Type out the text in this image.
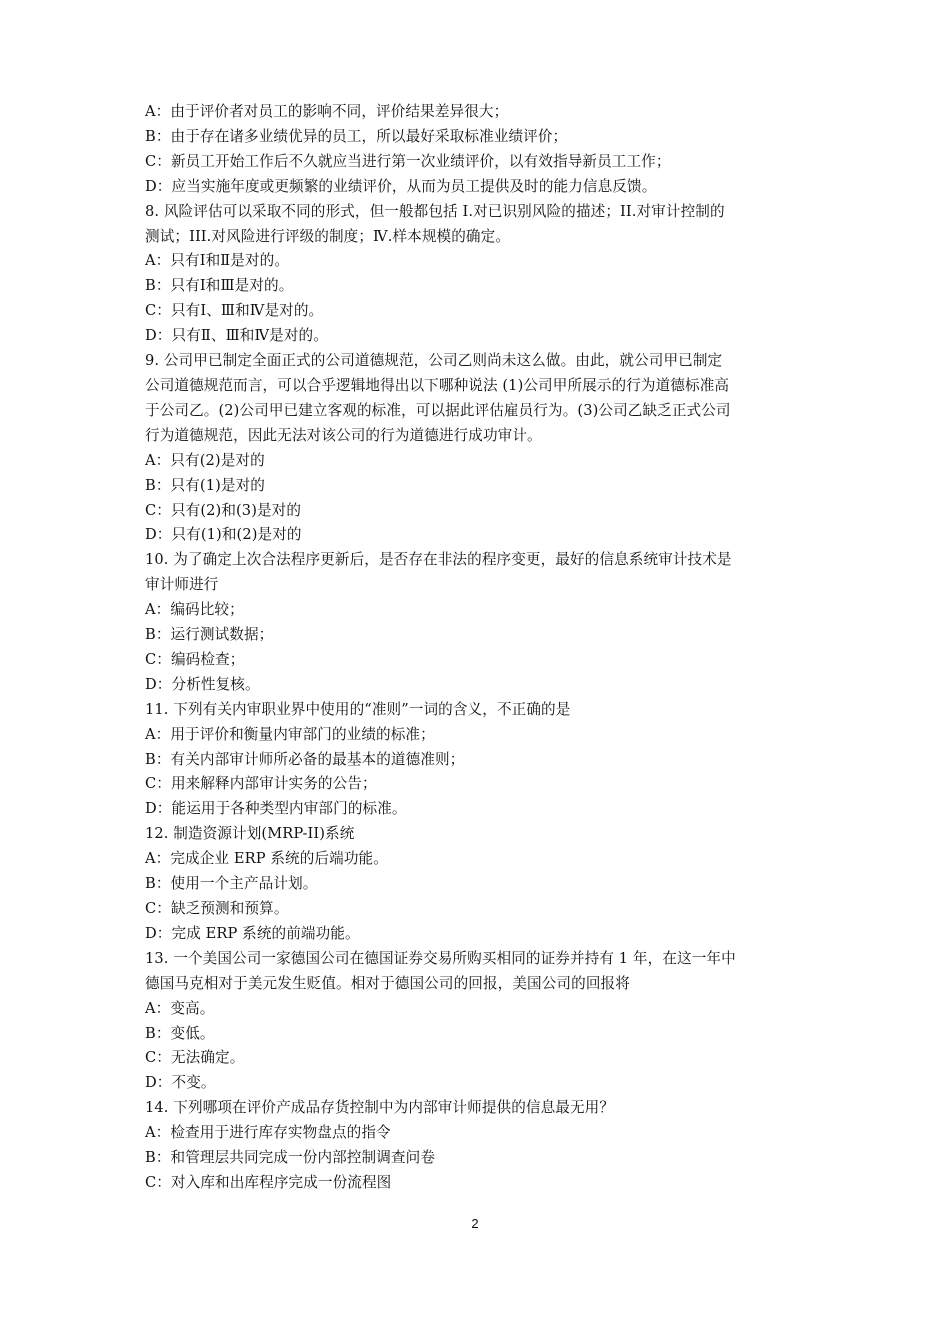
A：由于评价者对员工的影响不同，评价结果差异很大；

B：由于存在诸多业绩优异的员工，所以最好采取标准业绩评价；

C：新员工开始工作后不久就应当进行第一次业绩评价，以有效指导新员工工作；

D：应当实施年度或更频繁的业绩评价，从而为员工提供及时的能力信息反馈。

8. 风险评估可以采取不同的形式，但一般都包括 I.对已识别风险的描述；II.对审计控制的

测试；III.对风险进行评级的制度；Ⅳ.样本规模的确定。

A：只有Ⅰ和Ⅱ是对的。

B：只有Ⅰ和Ⅲ是对的。

C：只有Ⅰ、Ⅲ和Ⅳ是对的。

D：只有Ⅱ、Ⅲ和Ⅳ是对的。

9. 公司甲已制定全面正式的公司道德规范，公司乙则尚未这么做。由此，就公司甲已制定

公司道德规范而言，可以合乎逻辑地得出以下哪种说法 (1)公司甲所展示的行为道德标准高

于公司乙。(2)公司甲已建立客观的标准，可以据此评估雇员行为。(3)公司乙缺乏正式公司

行为道德规范，因此无法对该公司的行为道德进行成功审计。

A：只有(2)是对的

B：只有(1)是对的

C：只有(2)和(3)是对的

D：只有(1)和(2)是对的

10. 为了确定上次合法程序更新后，是否存在非法的程序变更，最好的信息系统审计技术是

审计师进行

A：编码比较；

B：运行测试数据；

C：编码检查；

D：分析性复核。

11. 下列有关内审职业界中使用的“准则”一词的含义，不正确的是

A：用于评价和衡量内审部门的业绩的标准；

B：有关内部审计师所必备的最基本的道德准则；

C：用来解释内部审计实务的公告；

D：能运用于各种类型内审部门的标准。

12. 制造资源计划(MRP-II)系统

A：完成企业 ERP 系统的后端功能。

B：使用一个主产品计划。

C：缺乏预测和预算。

D：完成 ERP 系统的前端功能。

13. 一个美国公司一家德国公司在德国证券交易所购买相同的证券并持有 1 年，在这一年中

德国马克相对于美元发生贬值。相对于德国公司的回报，美国公司的回报将

A：变高。

B：变低。

C：无法确定。

D：不变。

14. 下列哪项在评价产成品存货控制中为内部审计师提供的信息最无用？

A：检查用于进行库存实物盘点的指令

B：和管理层共同完成一份内部控制调查问卷

C：对入库和出库程序完成一份流程图

2
